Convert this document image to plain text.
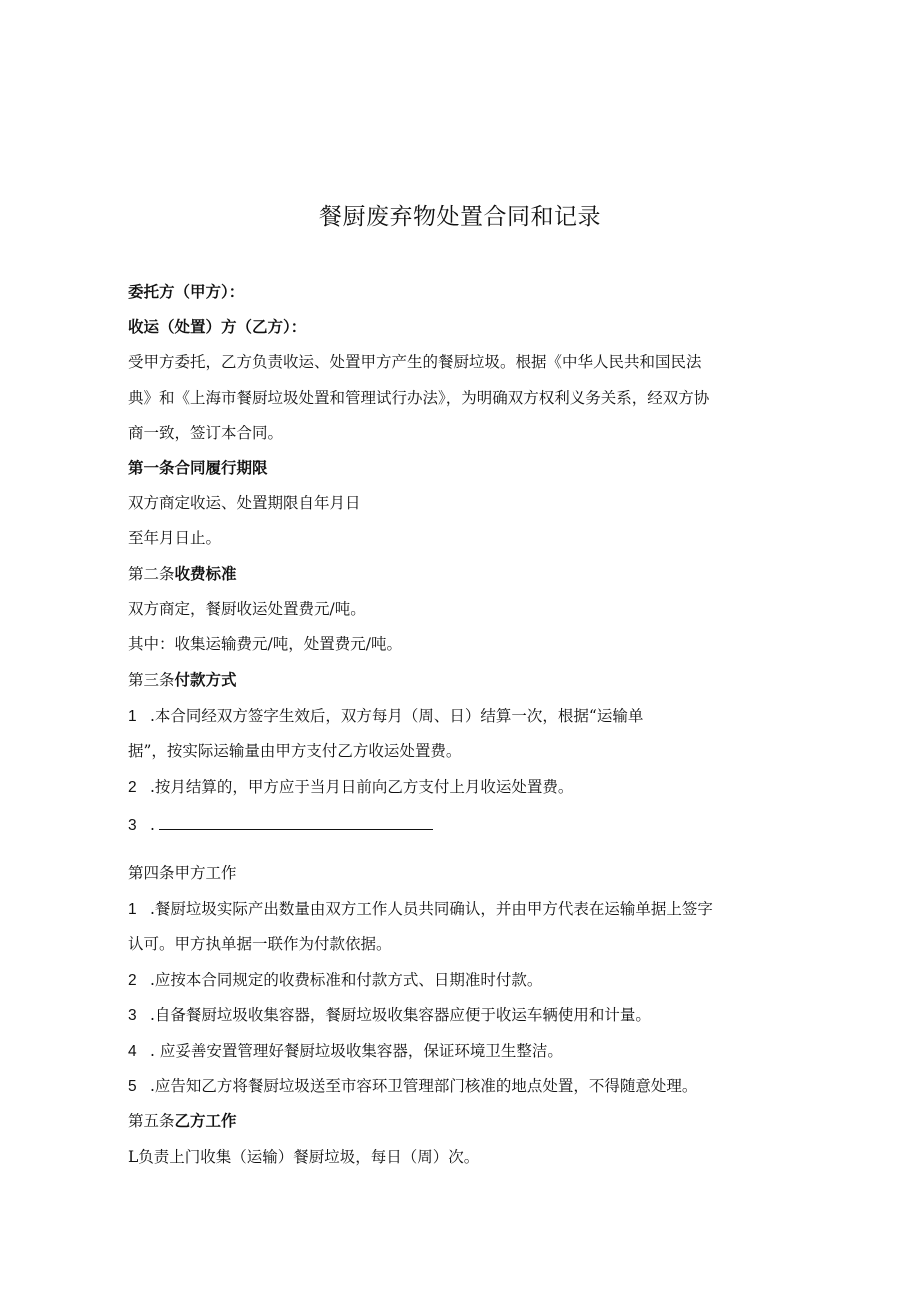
餐厨废弃物处置合同和记录
委托方（甲方）：
收运（处置）方（乙方）：
受甲方委托，乙方负责收运、处置甲方产生的餐厨垃圾。根据《中华人民共和国民法
典》和《上海市餐厨垃圾处置和管理试行办法》，为明确双方权利义务关系，经双方协
商一致，签订本合同。
第一条合同履行期限
双方商定收运、处置期限自年月日
至年月日止。
第二条收费标准
双方商定，餐厨收运处置费元/吨。
其中：收集运输费元/吨，处置费元/吨。
第三条付款方式
1 .本合同经双方签字生效后，双方每月（周、日）结算一次，根据“运输单
据”，按实际运输量由甲方支付乙方收运处置费。
2 .按月结算的，甲方应于当月日前向乙方支付上月收运处置费。
3 .
第四条甲方工作
1 .餐厨垃圾实际产出数量由双方工作人员共同确认，并由甲方代表在运输单据上签字
认可。甲方执单据一联作为付款依据。
2 .应按本合同规定的收费标准和付款方式、日期准时付款。
3 .自备餐厨垃圾收集容器，餐厨垃圾收集容器应便于收运车辆使用和计量。
4 . 应妥善安置管理好餐厨垃圾收集容器，保证环境卫生整洁。
5 .应告知乙方将餐厨垃圾送至市容环卫管理部门核准的地点处置，不得随意处理。
第五条乙方工作
L负责上门收集（运输）餐厨垃圾，每日（周）次。
